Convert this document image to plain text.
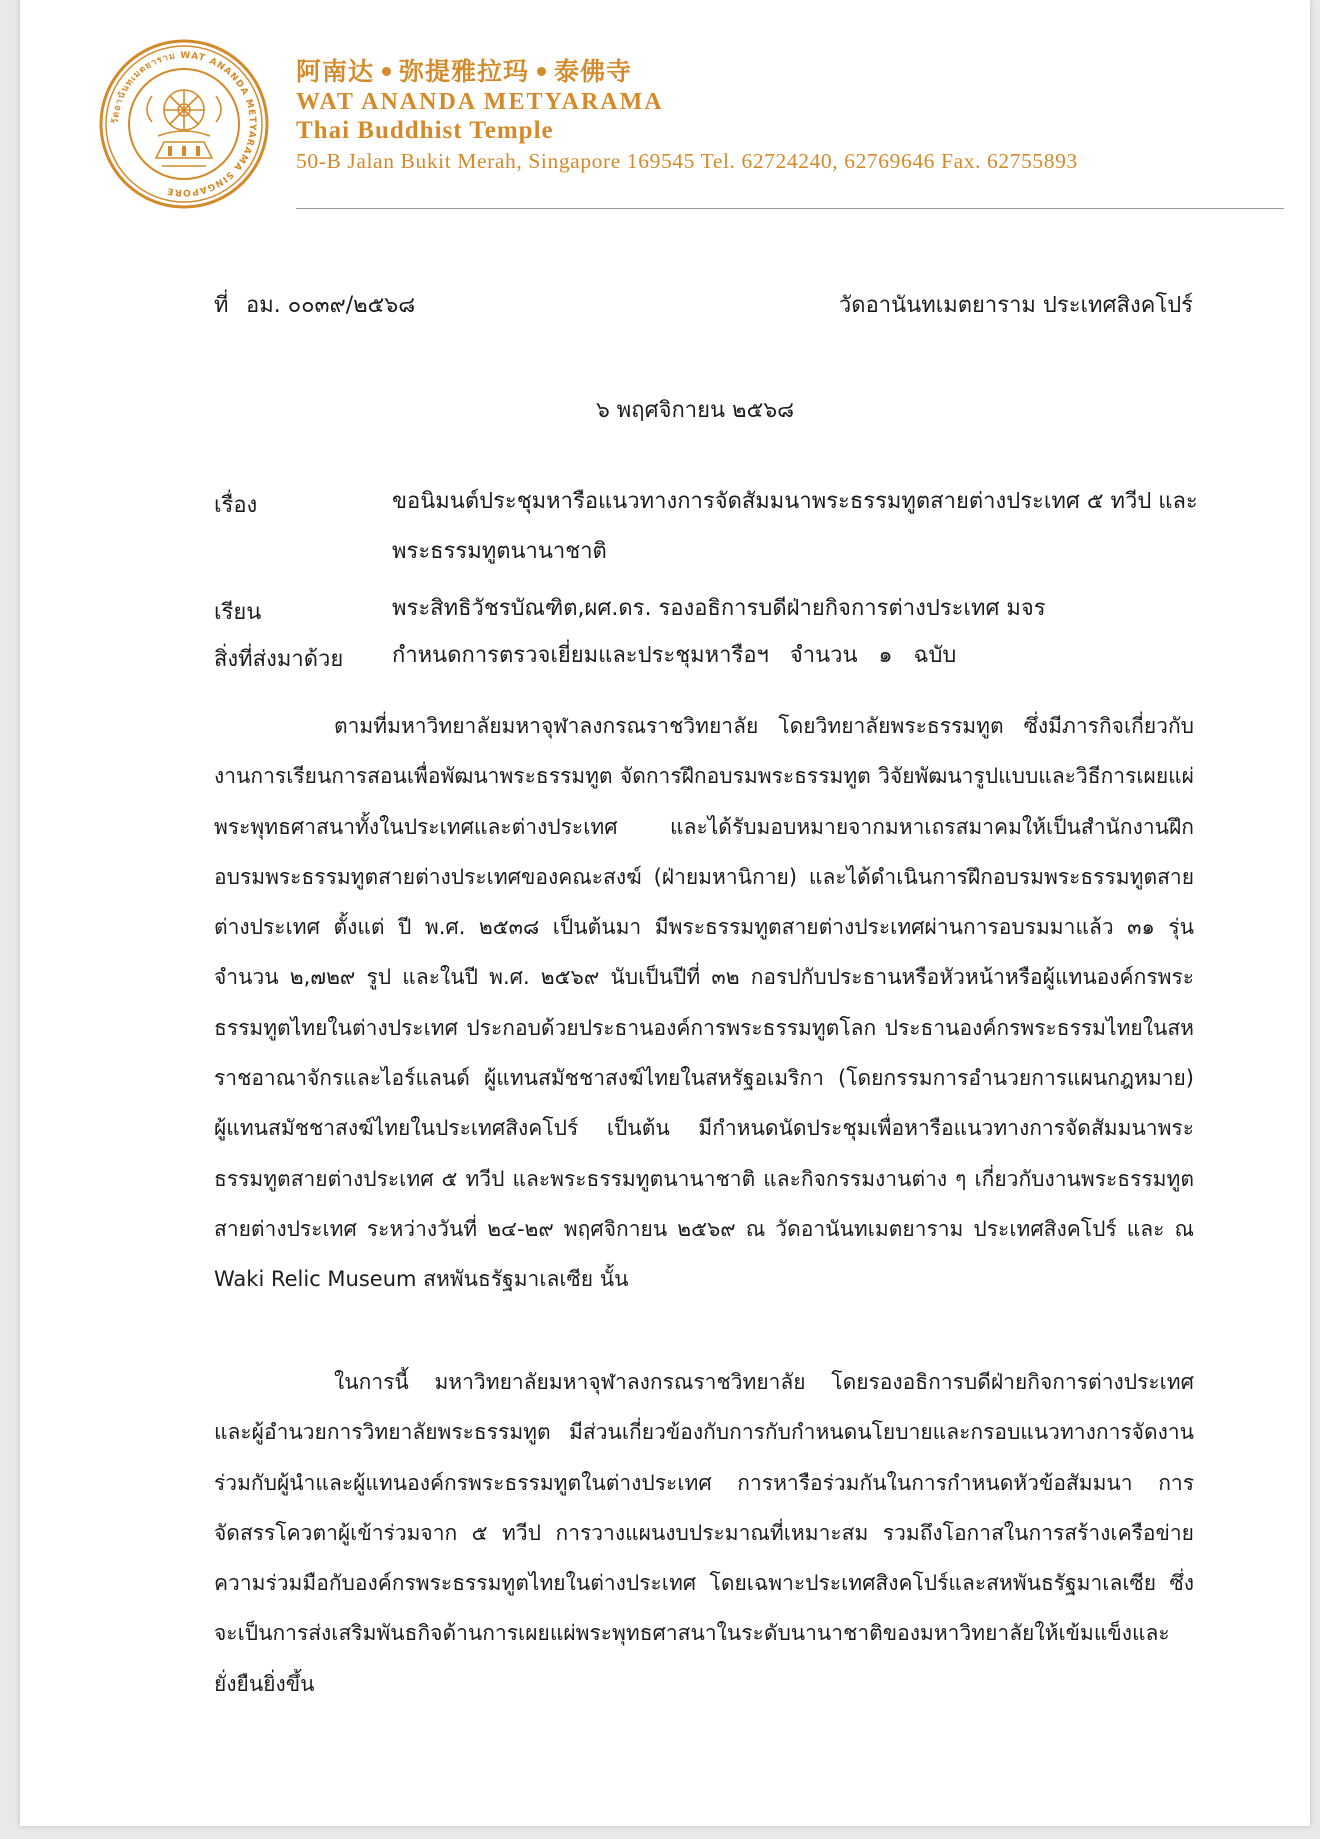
วัดอานันทเมตยาราม WAT ANANDA METYARAMA SINGAPORE

阿南达 弥提雅拉玛 泰佛寺

WAT ANANDA METYARAMA

Thai Buddhist Temple

50-B Jalan Bukit Merah, Singapore 169545 Tel. 62724240, 62769646 Fax. 62755893

ที่ อม. ๐๐๓๙/๒๕๖๘	วัดอานันทเมตยาราม ประเทศสิงคโปร์

๖ พฤศจิกายน ๒๕๖๘

เรื่อง	ขอนิมนต์ประชุมหารือแนวทางการจัดสัมมนาพระธรรมทูตสายต่างประเทศ ๕ ทวีป และพระธรรมทูตนานาชาติ

เรียน	พระสิทธิวัชรบัณฑิต,ผศ.ดร. รองอธิการบดีฝ่ายกิจการต่างประเทศ มจร

สิ่งที่ส่งมาด้วย กำหนดการตรวจเยี่ยมและประชุมหารือฯ   จำนวน   ๑   ฉบับ

ตามที่มหาวิทยาลัยมหาจุฬาลงกรณราชวิทยาลัย โดยวิทยาลัยพระธรรมทูต ซึ่งมีภารกิจเกี่ยวกับงานการเรียนการสอนเพื่อพัฒนาพระธรรมทูต จัดการฝึกอบรมพระธรรมทูต วิจัยพัฒนารูปแบบและวิธีการเผยแผ่พระพุทธศาสนาทั้งในประเทศและต่างประเทศ และได้รับมอบหมายจากมหาเถรสมาคมให้เป็นสำนักงานฝึกอบรมพระธรรมทูตสายต่างประเทศของคณะสงฆ์ (ฝ่ายมหานิกาย) และได้ดำเนินการฝึกอบรมพระธรรมทูตสายต่างประเทศ ตั้งแต่ ปี พ.ศ. ๒๕๓๘ เป็นต้นมา มีพระธรรมทูตสายต่างประเทศผ่านการอบรมมาแล้ว ๓๑ รุ่น จำนวน ๒,๗๒๙ รูป และในปี พ.ศ. ๒๕๖๙ นับเป็นปีที่ ๓๒ กอรปกับประธานหรือหัวหน้าหรือผู้แทนองค์กรพระธรรมทูตไทยในต่างประเทศ ประกอบด้วยประธานองค์การพระธรรมทูตโลก ประธานองค์กรพระธรรมไทยในสหราชอาณาจักรและไอร์แลนด์ ผู้แทนสมัชชาสงฆ์ไทยในสหรัฐอเมริกา (โดยกรรมการอำนวยการแผนกฎหมาย) ผู้แทนสมัชชาสงฆ์ไทยในประเทศสิงคโปร์ เป็นต้น มีกำหนดนัดประชุมเพื่อหารือแนวทางการจัดสัมมนาพระธรรมทูตสายต่างประเทศ ๕ ทวีป และพระธรรมทูตนานาชาติ และกิจกรรมงานต่าง ๆ เกี่ยวกับงานพระธรรมทูตสายต่างประเทศ ระหว่างวันที่ ๒๔-๒๙ พฤศจิกายน ๒๕๖๙ ณ วัดอานันทเมตยาราม ประเทศสิงคโปร์ และ ณ Waki Relic Museum สหพันธรัฐมาเลเซีย นั้น

ในการนี้ มหาวิทยาลัยมหาจุฬาลงกรณราชวิทยาลัย โดยรองอธิการบดีฝ่ายกิจการต่างประเทศ และผู้อำนวยการวิทยาลัยพระธรรมทูต มีส่วนเกี่ยวข้องกับการกับกำหนดนโยบายและกรอบแนวทางการจัดงานร่วมกับผู้นำและผู้แทนองค์กรพระธรรมทูตในต่างประเทศ การหารือร่วมกันในการกำหนดหัวข้อสัมมนา การจัดสรรโควตาผู้เข้าร่วมจาก ๕ ทวีป การวางแผนงบประมาณที่เหมาะสม รวมถึงโอกาสในการสร้างเครือข่ายความร่วมมือกับองค์กรพระธรรมทูตไทยในต่างประเทศ โดยเฉพาะประเทศสิงคโปร์และสหพันธรัฐมาเลเซีย ซึ่งจะเป็นการส่งเสริมพันธกิจด้านการเผยแผ่พระพุทธศาสนาในระดับนานาชาติของมหาวิทยาลัยให้เข้มแข็งและยั่งยืนยิ่งขึ้น
